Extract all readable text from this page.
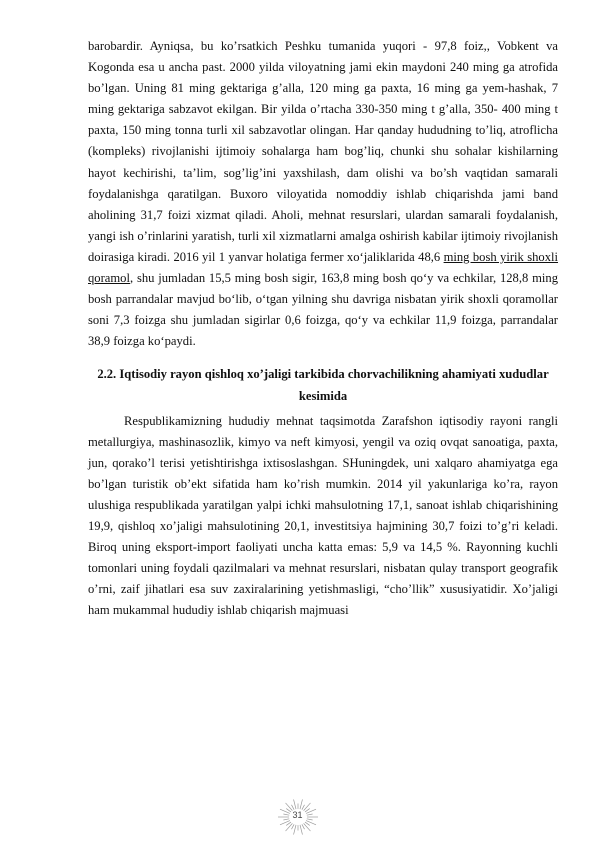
barobardir. Ayniqsa, bu ko’rsatkich Peshku tumanida yuqori - 97,8 foiz,, Vobkent va Kogonda esa u ancha past. 2000 yilda viloyatning jami ekin maydoni 240 ming ga atrofida bo’lgan. Uning 81 ming gektariga g’alla, 120 ming ga paxta, 16 ming ga yem-hashak, 7 ming gektariga sabzavot ekilgan. Bir yilda o’rtacha 330-350 ming t g’alla, 350- 400 ming t paxta, 150 ming tonna turli xil sabzavotlar olingan. Har qanday hududning to’liq, atroflicha (kompleks) rivojlanishi ijtimoiy sohalarga ham bog’liq, chunki shu sohalar kishilarning hayot kechirishi, ta’lim, sog’lig’ini yaxshilash, dam olishi va bo’sh vaqtidan samarali foydalanishga qaratilgan. Buxoro viloyatida nomoddiy ishlab chiqarishda jami band aholining 31,7 foizi xizmat qiladi. Aholi, mehnat resurslari, ulardan samarali foydalanish, yangi ish o’rinlarini yaratish, turli xil xizmatlarni amalga oshirish kabilar ijtimoiy rivojlanish doirasiga kiradi. 2016 yil 1 yanvar holatiga fermer xo‘jaliklarida 48,6 ming bosh yirik shoxli qoramol, shu jumladan 15,5 ming bosh sigir, 163,8 ming bosh qo‘y va echkilar, 128,8 ming bosh parrandalar mavjud bo‘lib, o‘tgan yilning shu davriga nisbatan yirik shoxli qoramollar soni 7,3 foizga shu jumladan sigirlar 0,6 foizga, qo‘y va echkilar 11,9 foizga, parrandalar 38,9 foizga ko‘paydi.

2.2. Iqtisodiy rayon qishloq xo’jaligi tarkibida chorvachilikning ahamiyati xududlar kesimida

Respublikamizning hududiy mehnat taqsimotda Zarafshon iqtisodiy rayoni rangli metallurgiya, mashinasozlik, kimyo va neft kimyosi, yengil va oziq ovqat sanoatiga, paxta, jun, qorako’l terisi yetishtirishga ixtisoslashgan. SHuningdek, uni xalqaro ahamiyatga ega bo’lgan turistik ob’ekt sifatida ham ko’rish mumkin. 2014 yil yakunlariga ko’ra, rayon ulushiga respublikada yaratilgan yalpi ichki mahsulotning 17,1, sanoat ishlab chiqarishining 19,9, qishloq xo’jaligi mahsulotining 20,1, investitsiya hajmining 30,7 foizi to’g’ri keladi. Biroq uning eksport-import faoliyati uncha katta emas: 5,9 va 14,5 %. Rayonning kuchli tomonlari uning foydali qazilmalari va mehnat resurslari, nisbatan qulay transport geografik o’rni, zaif jihatlari esa suv zaxiralarining yetishmasligi, “cho’llik” xususiyatidir. Xo’jaligi ham mukammal hududiy ishlab chiqarish majmuasi

31
